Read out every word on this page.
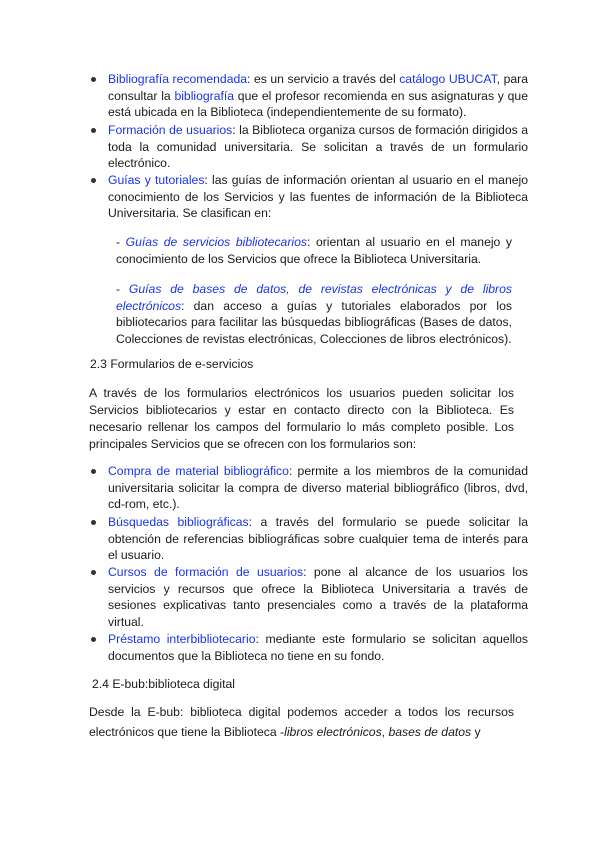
Bibliografía recomendada: es un servicio a través del catálogo UBUCAT, para
consultar la bibliografía que el profesor recomienda en sus asignaturas y que
está ubicada en la Biblioteca (independientemente de su formato).
Formación de usuarios: la Biblioteca organiza cursos de formación dirigidos a
toda la comunidad universitaria. Se solicitan a través de un formulario
electrónico.
Guías y tutoriales: las guías de información orientan al usuario en el manejo
conocimiento de los Servicios y las fuentes de información de la Biblioteca
Universitaria. Se clasifican en:
- Guías de servicios bibliotecarios: orientan al usuario en el manejo y
conocimiento de los Servicios que ofrece la Biblioteca Universitaria.
- Guías de bases de datos, de revistas electrónicas y de libros
electrónicos: dan acceso a guías y tutoriales elaborados por los
bibliotecarios para facilitar las búsquedas bibliográficas (Bases de datos,
Colecciones de revistas electrónicas, Colecciones de libros electrónicos).
2.3 Formularios de e-servicios
A través de los formularios electrónicos los usuarios pueden solicitar los
Servicios bibliotecarios y estar en contacto directo con la Biblioteca. Es
necesario rellenar los campos del formulario lo más completo posible. Los
principales Servicios que se ofrecen con los formularios son:
Compra de material bibliográfico: permite a los miembros de la comunidad
universitaria solicitar la compra de diverso material bibliográfico (libros, dvd,
cd-rom, etc.).
Búsquedas bibliográficas: a través del formulario se puede solicitar la
obtención de referencias bibliográficas sobre cualquier tema de interés para
el usuario.
Cursos de formación de usuarios: pone al alcance de los usuarios los
servicios y recursos que ofrece la Biblioteca Universitaria a través de
sesiones explicativas tanto presenciales como a través de la plataforma
virtual.
Préstamo interbibliotecario: mediante este formulario se solicitan aquellos
documentos que la Biblioteca no tiene en su fondo.
2.4 E-bub:biblioteca digital
Desde la E-bub: biblioteca digital podemos acceder a todos los recursos
electrónicos que tiene la Biblioteca -libros electrónicos, bases de datos y
